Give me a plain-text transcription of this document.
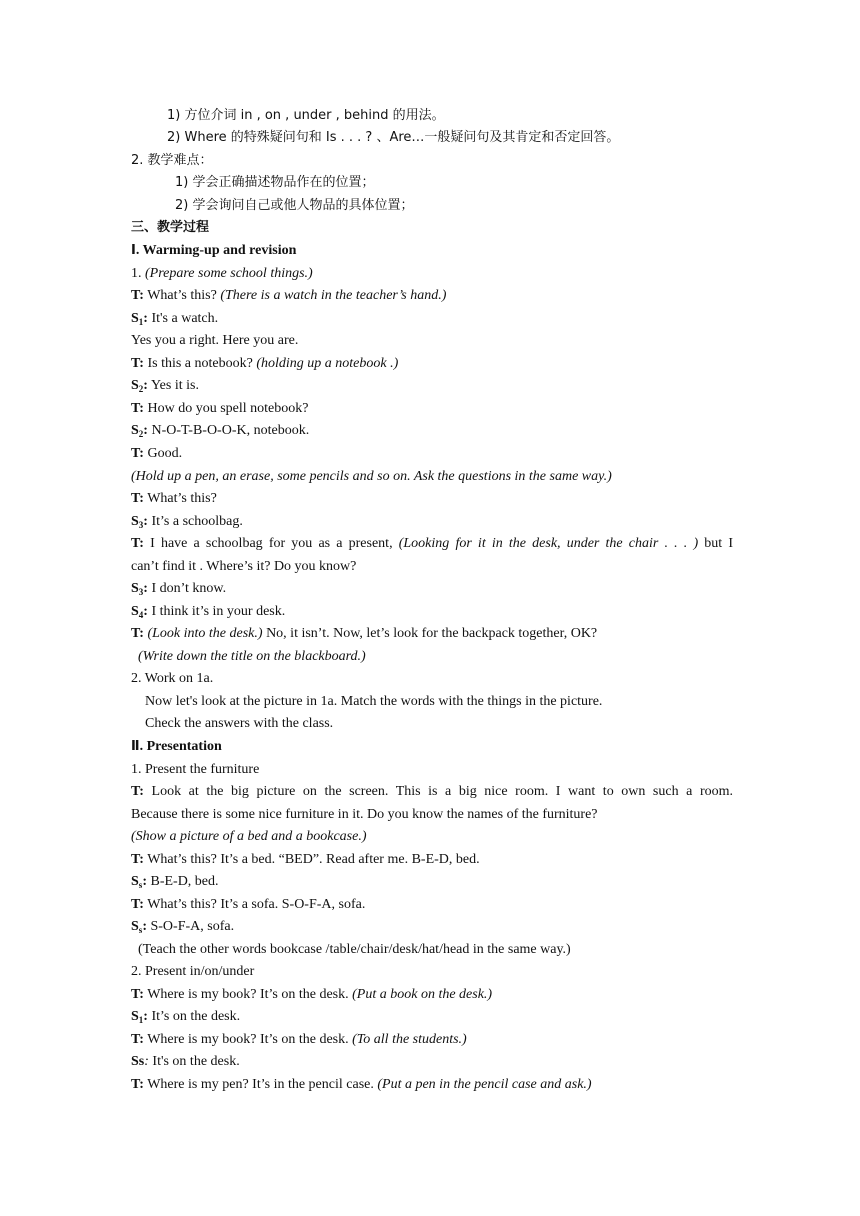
1) 方位介词 in , on , under , behind 的用法。
2) Where 的特殊疑问句和 Is . . . ? 、Are…一般疑问句及其肯定和否定回答。
2. 教学难点：
1) 学会正确描述物品作在的位置；
2) 学会询问自己或他人物品的具体位置；
三、教学过程
Ⅰ. Warming-up and revision
1. (Prepare some school things.)
T: What’s this? (There is a watch in the teacher’s hand.)
$S_1$: It's a watch.
Yes you a right. Here you are.
T: Is this a notebook? (holding up a notebook .)
$S_2$: Yes it is.
T: How do you spell notebook?
$S_2$: N-O-T-B-O-O-K, notebook.
T: Good.
(Hold up a pen, an erase, some pencils and so on. Ask the questions in the same way.)
T: What’s this?
$S_3$: It’s a schoolbag.
T: I have a schoolbag for you as a present, (Looking for it in the desk, under the chair . . . ) but I
can’t find it . Where’s it? Do you know?
$S_3$: I don’t know.
$S_4$: I think it’s in your desk.
T: (Look into the desk.) No, it isn’t. Now, let’s look for the backpack together, OK?
(Write down the title on the blackboard.)
2. Work on 1a.
Now let's look at the picture in 1a. Match the words with the things in the picture.
Check the answers with the class.
Ⅱ. Presentation
1. Present the furniture
T: Look at the big picture on the screen. This is a big nice room. I want to own such a room.
Because there is some nice furniture in it. Do you know the names of the furniture?
(Show a picture of a bed and a bookcase.)
T: What’s this? It’s a bed. “BED”. Read after me. B-E-D, bed.
$S_s$: B-E-D, bed.
T: What’s this? It’s a sofa. S-O-F-A, sofa.
$S_s$: S-O-F-A, sofa.
(Teach the other words bookcase /table/chair/desk/hat/head in the same way.)
2. Present in/on/under
T: Where is my book? It’s on the desk. (Put a book on the desk.)
$S_1$: It’s on the desk.
T: Where is my book? It’s on the desk. (To all the students.)
Ss: It's on the desk.
T: Where is my pen? It’s in the pencil case. (Put a pen in the pencil case and ask.)
